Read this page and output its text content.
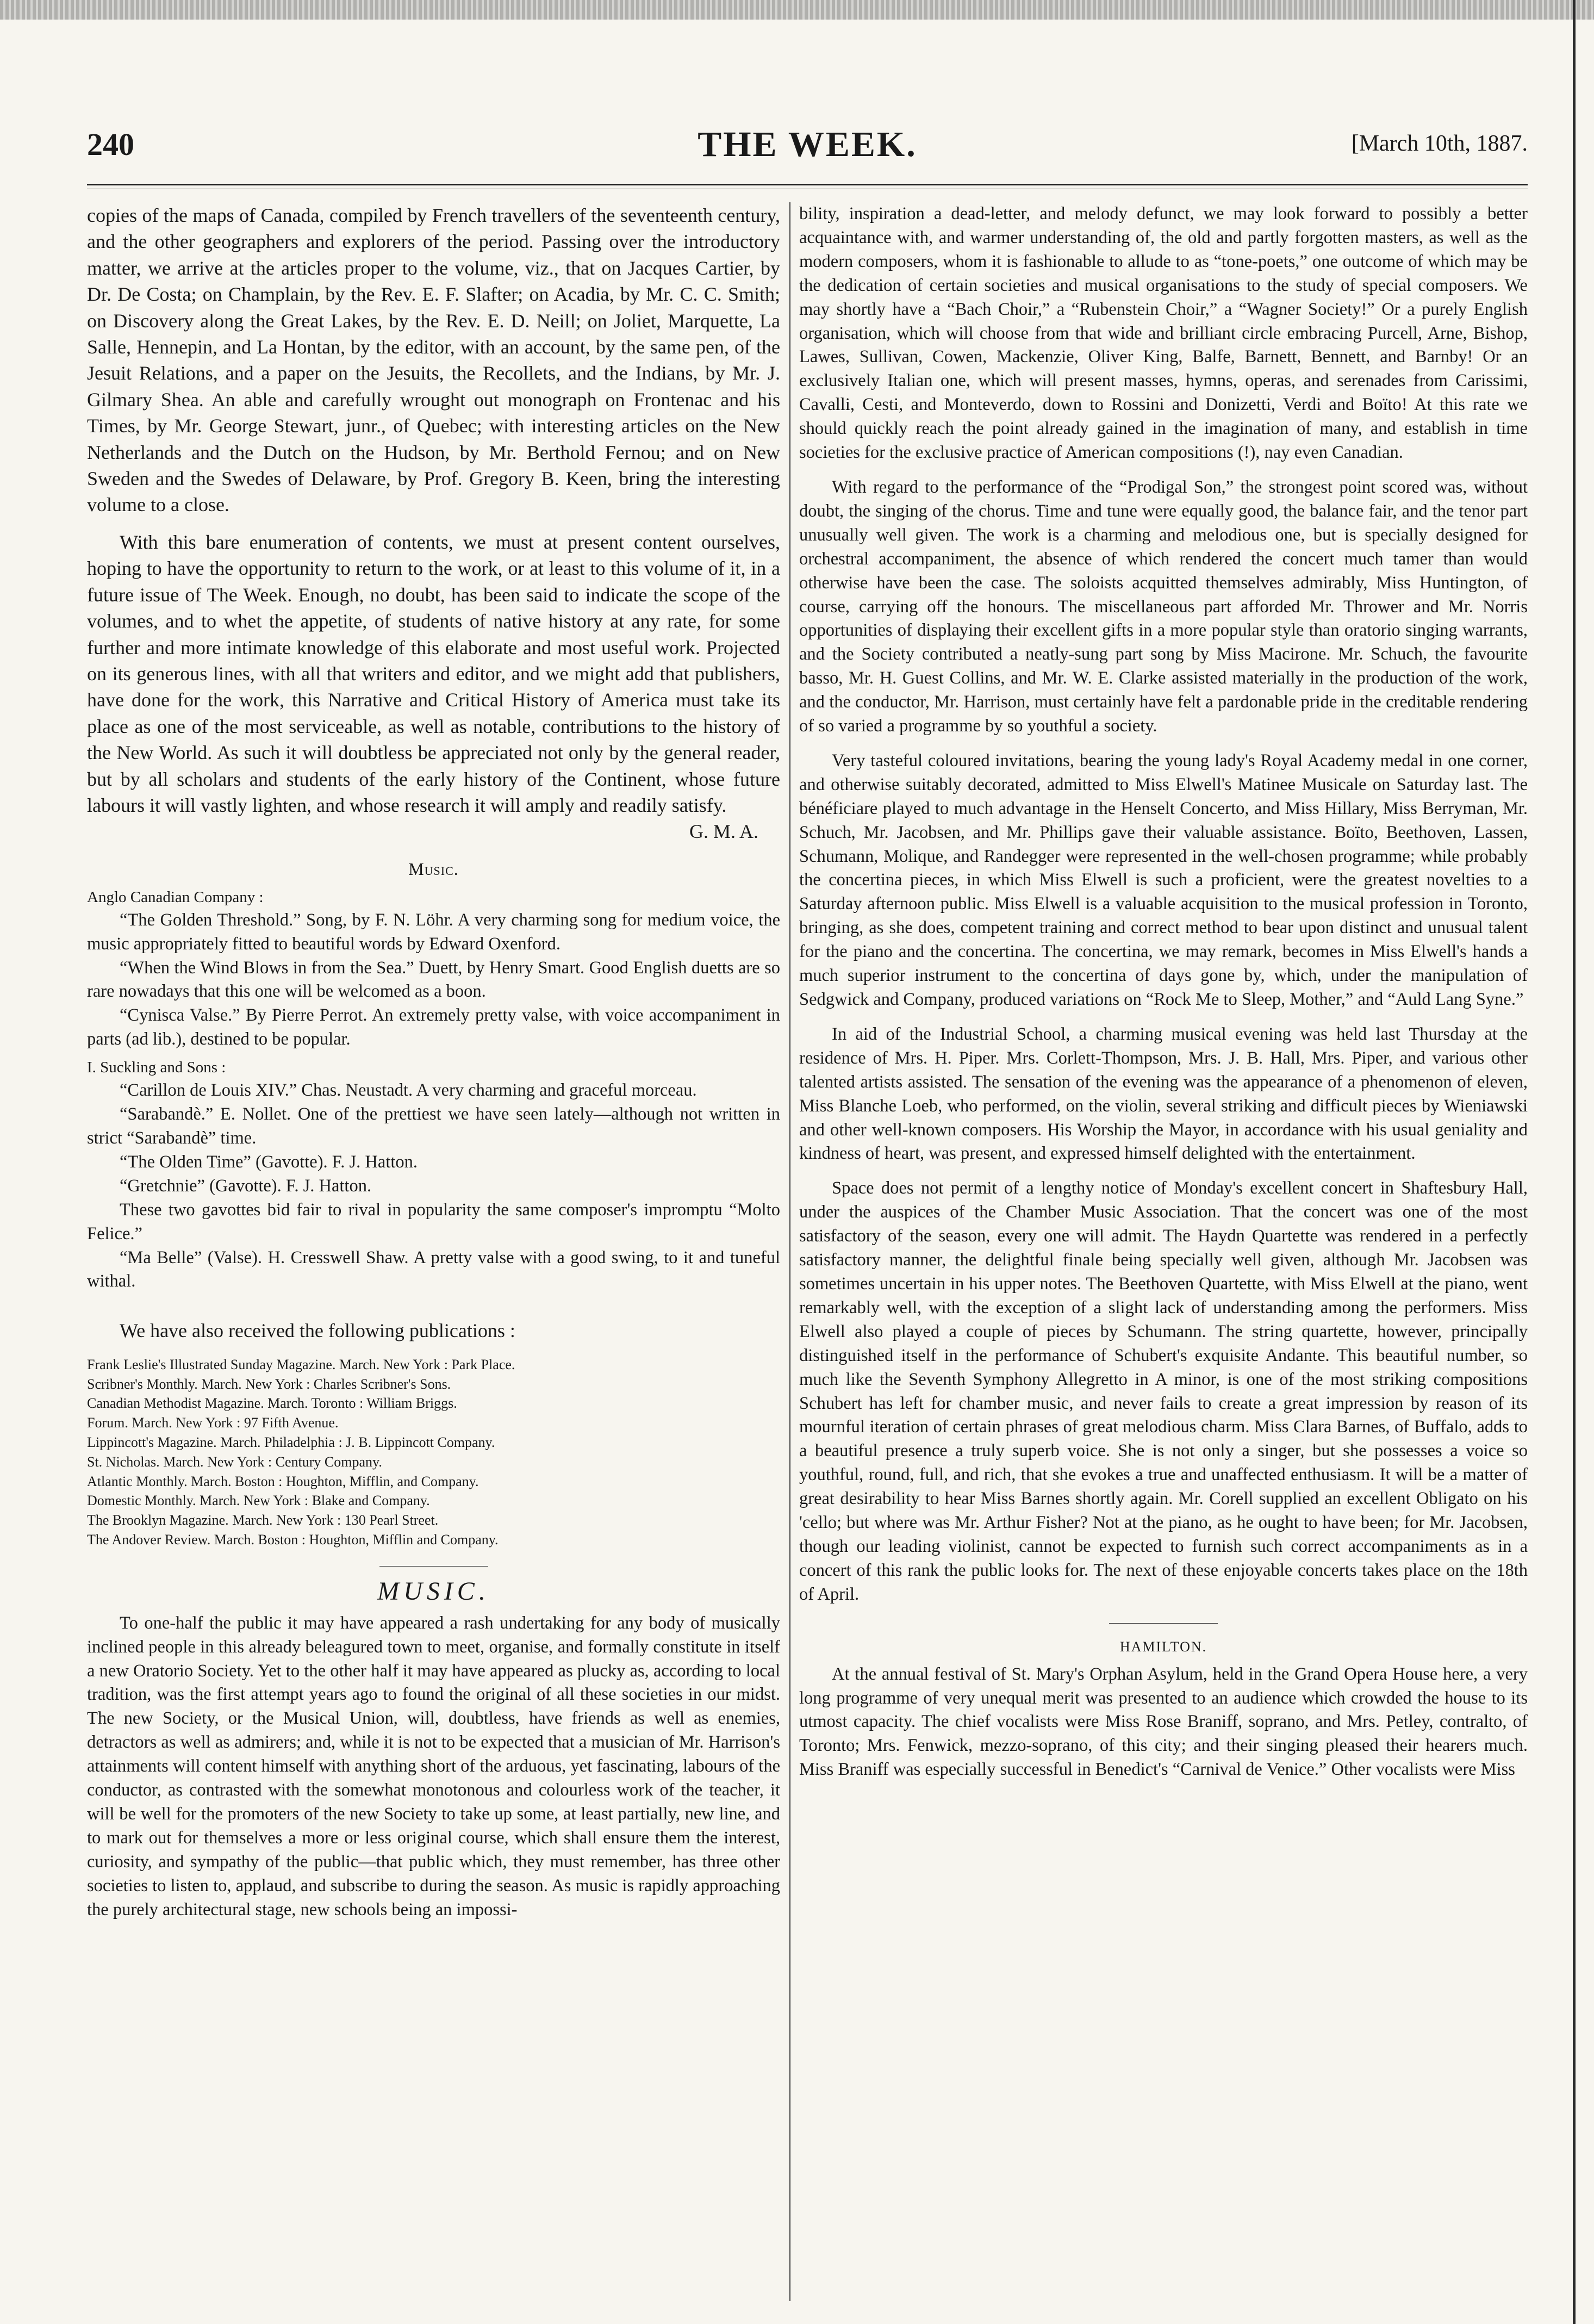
240	THE WEEK.	[March 10th, 1887.

copies of the maps of Canada, compiled by French travellers of the seventeenth century, and the other geographers and explorers of the period. Passing over the introductory matter, we arrive at the articles proper to the volume, viz., that on Jacques Cartier, by Dr. De Costa; on Champlain, by the Rev. E. F. Slafter; on Acadia, by Mr. C. C. Smith; on Discovery along the Great Lakes, by the Rev. E. D. Neill; on Joliet, Marquette, La Salle, Hennepin, and La Hontan, by the editor, with an account, by the same pen, of the Jesuit Relations, and a paper on the Jesuits, the Recollets, and the Indians, by Mr. J. Gilmary Shea. An able and carefully wrought out monograph on Frontenac and his Times, by Mr. George Stewart, junr., of Quebec; with interesting articles on the New Netherlands and the Dutch on the Hudson, by Mr. Berthold Fernou; and on New Sweden and the Swedes of Delaware, by Prof. Gregory B. Keen, bring the interesting volume to a close.

With this bare enumeration of contents, we must at present content ourselves, hoping to have the opportunity to return to the work, or at least to this volume of it, in a future issue of The Week. Enough, no doubt, has been said to indicate the scope of the volumes, and to whet the appetite, of students of native history at any rate, for some further and more intimate knowledge of this elaborate and most useful work. Projected on its generous lines, with all that writers and editor, and we might add that publishers, have done for the work, this Narrative and Critical History of America must take its place as one of the most serviceable, as well as notable, contributions to the history of the New World. As such it will doubtless be appreciated not only by the general reader, but by all scholars and students of the early history of the Continent, whose future labours it will vastly lighten, and whose research it will amply and readily satisfy.

G. M. A.

Music.

Anglo Canadian Company :

“The Golden Threshold.” Song, by F. N. Löhr. A very charming song for medium voice, the music appropriately fitted to beautiful words by Edward Oxenford.

“When the Wind Blows in from the Sea.” Duett, by Henry Smart. Good English duetts are so rare nowadays that this one will be welcomed as a boon.

“Cynisca Valse.” By Pierre Perrot. An extremely pretty valse, with voice accompaniment in parts (ad lib.), destined to be popular.

I. Suckling and Sons :

“Carillon de Louis XIV.” Chas. Neustadt. A very charming and graceful morceau.

“Sarabandè.” E. Nollet. One of the prettiest we have seen lately—although not written in strict “Sarabandè” time.

“The Olden Time” (Gavotte). F. J. Hatton.

“Gretchnie” (Gavotte). F. J. Hatton.

These two gavottes bid fair to rival in popularity the same composer's impromptu “Molto Felice.”

“Ma Belle” (Valse). H. Cresswell Shaw. A pretty valse with a good swing, to it and tuneful withal.

We have also received the following publications :

Frank Leslie's Illustrated Sunday Magazine. March. New York : Park Place.

Scribner's Monthly. March. New York : Charles Scribner's Sons.

Canadian Methodist Magazine. March. Toronto : William Briggs.

Forum. March. New York : 97 Fifth Avenue.

Lippincott's Magazine. March. Philadelphia : J. B. Lippincott Company.

St. Nicholas. March. New York : Century Company.

Atlantic Monthly. March. Boston : Houghton, Mifflin, and Company.

Domestic Monthly. March. New York : Blake and Company.

The Brooklyn Magazine. March. New York : 130 Pearl Street.

The Andover Review. March. Boston : Houghton, Mifflin and Company.

MUSIC.

To one-half the public it may have appeared a rash undertaking for any body of musically inclined people in this already beleagured town to meet, organise, and formally constitute in itself a new Oratorio Society. Yet to the other half it may have appeared as plucky as, according to local tradition, was the first attempt years ago to found the original of all these societies in our midst. The new Society, or the Musical Union, will, doubtless, have friends as well as enemies, detractors as well as admirers; and, while it is not to be expected that a musician of Mr. Harrison's attainments will content himself with anything short of the arduous, yet fascinating, labours of the conductor, as contrasted with the somewhat monotonous and colourless work of the teacher, it will be well for the promoters of the new Society to take up some, at least partially, new line, and to mark out for themselves a more or less original course, which shall ensure them the interest, curiosity, and sympathy of the public—that public which, they must remember, has three other societies to listen to, applaud, and subscribe to during the season. As music is rapidly approaching the purely architectural stage, new schools being an impossi-

bility, inspiration a dead-letter, and melody defunct, we may look forward to possibly a better acquaintance with, and warmer understanding of, the old and partly forgotten masters, as well as the modern composers, whom it is fashionable to allude to as “tone-poets,” one outcome of which may be the dedication of certain societies and musical organisations to the study of special composers. We may shortly have a “Bach Choir,” a “Rubenstein Choir,” a “Wagner Society!” Or a purely English organisation, which will choose from that wide and brilliant circle embracing Purcell, Arne, Bishop, Lawes, Sullivan, Cowen, Mackenzie, Oliver King, Balfe, Barnett, Bennett, and Barnby! Or an exclusively Italian one, which will present masses, hymns, operas, and serenades from Carissimi, Cavalli, Cesti, and Monteverdo, down to Rossini and Donizetti, Verdi and Boïto! At this rate we should quickly reach the point already gained in the imagination of many, and establish in time societies for the exclusive practice of American compositions (!), nay even Canadian.

With regard to the performance of the “Prodigal Son,” the strongest point scored was, without doubt, the singing of the chorus. Time and tune were equally good, the balance fair, and the tenor part unusually well given. The work is a charming and melodious one, but is specially designed for orchestral accompaniment, the absence of which rendered the concert much tamer than would otherwise have been the case. The soloists acquitted themselves admirably, Miss Huntington, of course, carrying off the honours. The miscellaneous part afforded Mr. Thrower and Mr. Norris opportunities of displaying their excellent gifts in a more popular style than oratorio singing warrants, and the Society contributed a neatly-sung part song by Miss Macirone. Mr. Schuch, the favourite basso, Mr. H. Guest Collins, and Mr. W. E. Clarke assisted materially in the production of the work, and the conductor, Mr. Harrison, must certainly have felt a pardonable pride in the creditable rendering of so varied a programme by so youthful a society.

Very tasteful coloured invitations, bearing the young lady's Royal Academy medal in one corner, and otherwise suitably decorated, admitted to Miss Elwell's Matinee Musicale on Saturday last. The bénéficiare played to much advantage in the Henselt Concerto, and Miss Hillary, Miss Berryman, Mr. Schuch, Mr. Jacobsen, and Mr. Phillips gave their valuable assistance. Boïto, Beethoven, Lassen, Schumann, Molique, and Randegger were represented in the well-chosen programme; while probably the concertina pieces, in which Miss Elwell is such a proficient, were the greatest novelties to a Saturday afternoon public. Miss Elwell is a valuable acquisition to the musical profession in Toronto, bringing, as she does, competent training and correct method to bear upon distinct and unusual talent for the piano and the concertina. The concertina, we may remark, becomes in Miss Elwell's hands a much superior instrument to the concertina of days gone by, which, under the manipulation of Sedgwick and Company, produced variations on “Rock Me to Sleep, Mother,” and “Auld Lang Syne.”

In aid of the Industrial School, a charming musical evening was held last Thursday at the residence of Mrs. H. Piper. Mrs. Corlett-Thompson, Mrs. J. B. Hall, Mrs. Piper, and various other talented artists assisted. The sensation of the evening was the appearance of a phenomenon of eleven, Miss Blanche Loeb, who performed, on the violin, several striking and difficult pieces by Wieniawski and other well-known composers. His Worship the Mayor, in accordance with his usual geniality and kindness of heart, was present, and expressed himself delighted with the entertainment.

Space does not permit of a lengthy notice of Monday's excellent concert in Shaftesbury Hall, under the auspices of the Chamber Music Association. That the concert was one of the most satisfactory of the season, every one will admit. The Haydn Quartette was rendered in a perfectly satisfactory manner, the delightful finale being specially well given, although Mr. Jacobsen was sometimes uncertain in his upper notes. The Beethoven Quartette, with Miss Elwell at the piano, went remarkably well, with the exception of a slight lack of understanding among the performers. Miss Elwell also played a couple of pieces by Schumann. The string quartette, however, principally distinguished itself in the performance of Schubert's exquisite Andante. This beautiful number, so much like the Seventh Symphony Allegretto in A minor, is one of the most striking compositions Schubert has left for chamber music, and never fails to create a great impression by reason of its mournful iteration of certain phrases of great melodious charm. Miss Clara Barnes, of Buffalo, adds to a beautiful presence a truly superb voice. She is not only a singer, but she possesses a voice so youthful, round, full, and rich, that she evokes a true and unaffected enthusiasm. It will be a matter of great desirability to hear Miss Barnes shortly again. Mr. Corell supplied an excellent Obligato on his 'cello; but where was Mr. Arthur Fisher? Not at the piano, as he ought to have been; for Mr. Jacobsen, though our leading violinist, cannot be expected to furnish such correct accompaniments as in a concert of this rank the public looks for. The next of these enjoyable concerts takes place on the 18th of April.

HAMILTON.

At the annual festival of St. Mary's Orphan Asylum, held in the Grand Opera House here, a very long programme of very unequal merit was presented to an audience which crowded the house to its utmost capacity. The chief vocalists were Miss Rose Braniff, soprano, and Mrs. Petley, contralto, of Toronto; Mrs. Fenwick, mezzo-soprano, of this city; and their singing pleased their hearers much. Miss Braniff was especially successful in Benedict's “Carnival de Venice.” Other vocalists were Miss
